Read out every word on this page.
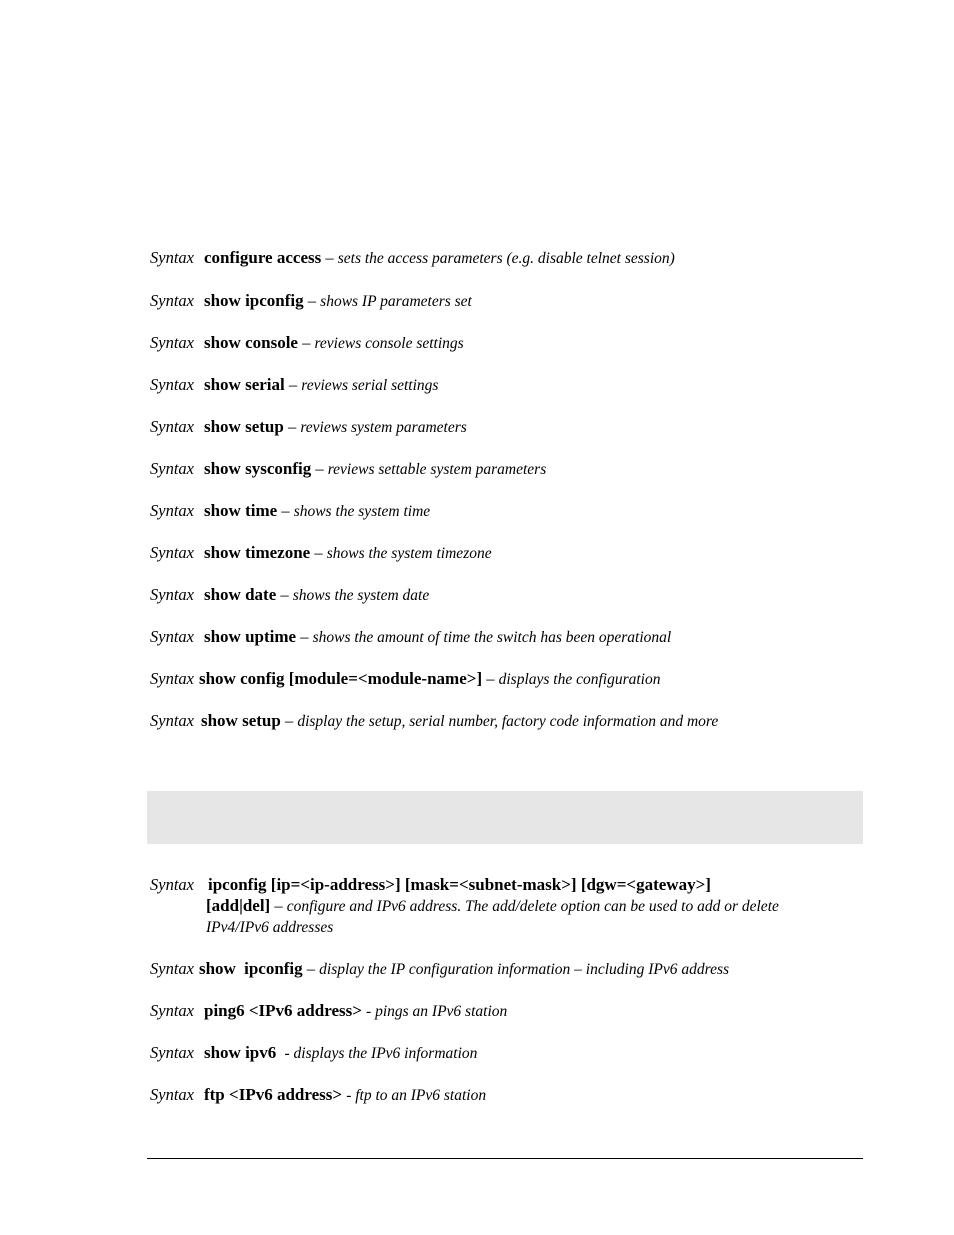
Syntax configure access – sets the access parameters (e.g. disable telnet session)
Syntax show ipconfig – shows IP parameters set
Syntax show console – reviews console settings
Syntax show serial – reviews serial settings
Syntax show setup – reviews system parameters
Syntax show sysconfig – reviews settable system parameters
Syntax show time – shows the system time
Syntax show timezone – shows the system timezone
Syntax show date – shows the system date
Syntax show uptime – shows the amount of time the switch has been operational
Syntax show config [module=<module-name>] – displays the configuration
Syntax show setup – display the setup, serial number, factory code information and more
Syntax ipconfig [ip=<ip-address>] [mask=<subnet-mask>] [dgw=<gateway>]
[add|del] – configure and IPv6 address. The add/delete option can be used to add or delete
IPv4/IPv6 addresses
Syntax show ipconfig – display the IP configuration information – including IPv6 address
Syntax ping6 <IPv6 address> - pings an IPv6 station
Syntax show ipv6 - displays the IPv6 information
Syntax ftp <IPv6 address> - ftp to an IPv6 station
